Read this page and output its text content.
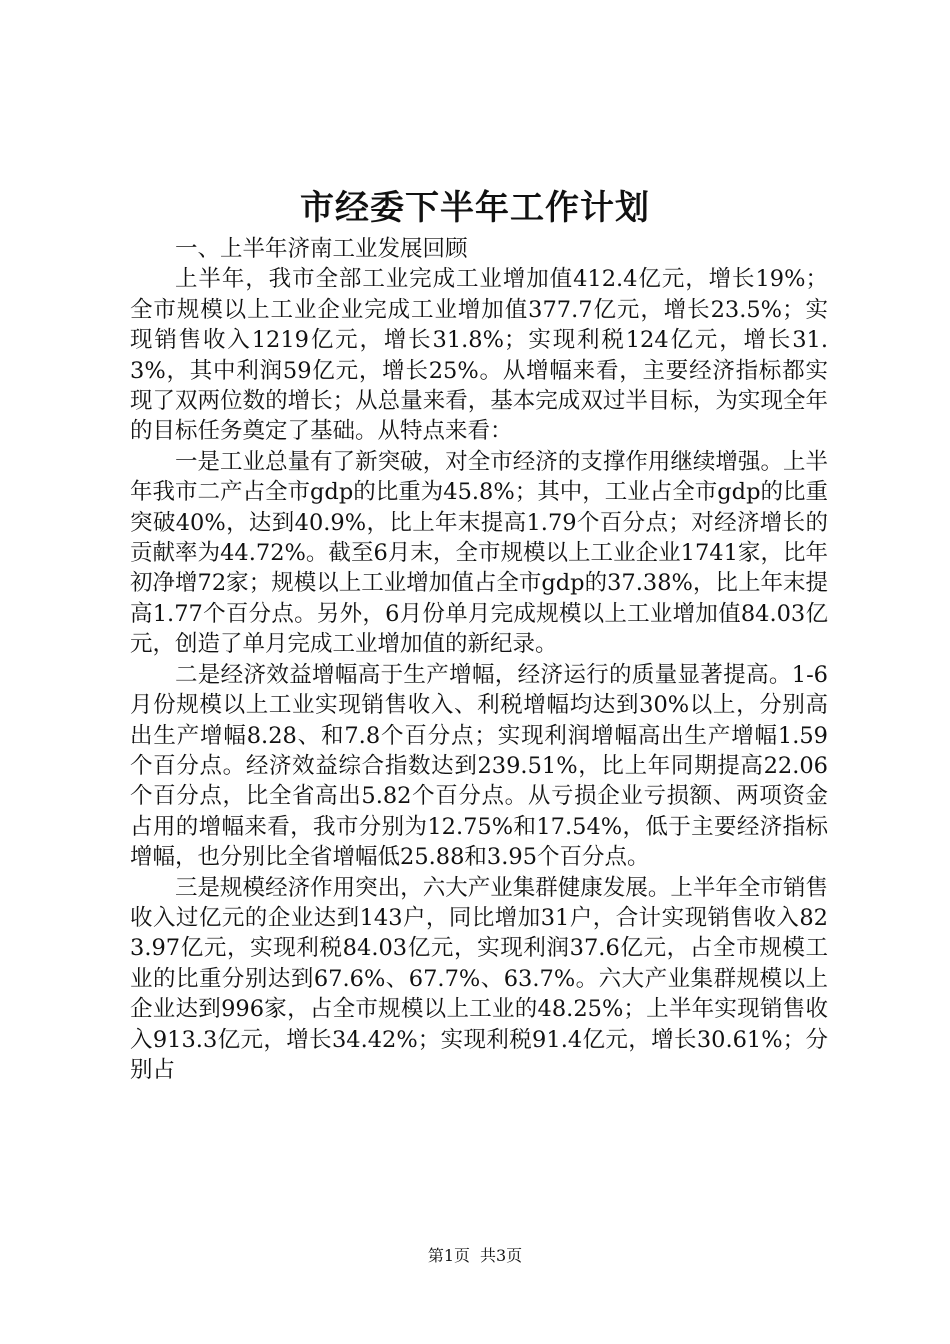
市经委下半年工作计划

一、上半年济南工业发展回顾

上半年，我市全部工业完成工业增加值412.4亿元，增长19%；全市规模以上工业企业完成工业增加值377.7亿元，增长23.5%；实现销售收入1219亿元，增长31.8%；实现利税124亿元，增长31.3%，其中利润59亿元，增长25%。从增幅来看，主要经济指标都实现了双两位数的增长；从总量来看，基本完成双过半目标，为实现全年的目标任务奠定了基础。从特点来看：

一是工业总量有了新突破，对全市经济的支撑作用继续增强。上半年我市二产占全市gdp的比重为45.8%；其中，工业占全市gdp的比重突破40%，达到40.9%，比上年末提高1.79个百分点；对经济增长的贡献率为44.72%。截至6月末，全市规模以上工业企业1741家，比年初净增72家；规模以上工业增加值占全市gdp的37.38%，比上年末提高1.77个百分点。另外，6月份单月完成规模以上工业增加值84.03亿元，创造了单月完成工业增加值的新纪录。

二是经济效益增幅高于生产增幅，经济运行的质量显著提高。1-6月份规模以上工业实现销售收入、利税增幅均达到30%以上，分别高出生产增幅8.28、和7.8个百分点；实现利润增幅高出生产增幅1.59个百分点。经济效益综合指数达到239.51%，比上年同期提高22.06个百分点，比全省高出5.82个百分点。从亏损企业亏损额、两项资金占用的增幅来看，我市分别为12.75%和17.54%，低于主要经济指标增幅，也分别比全省增幅低25.88和3.95个百分点。

三是规模经济作用突出，六大产业集群健康发展。上半年全市销售收入过亿元的企业达到143户，同比增加31户，合计实现销售收入823.97亿元，实现利税84.03亿元，实现利润37.6亿元，占全市规模工业的比重分别达到67.6%、67.7%、63.7%。六大产业集群规模以上企业达到996家，占全市规模以上工业的48.25%；上半年实现销售收入913.3亿元，增长34.42%；实现利税91.4亿元，增长30.61%；分别占

第1页 共3页
